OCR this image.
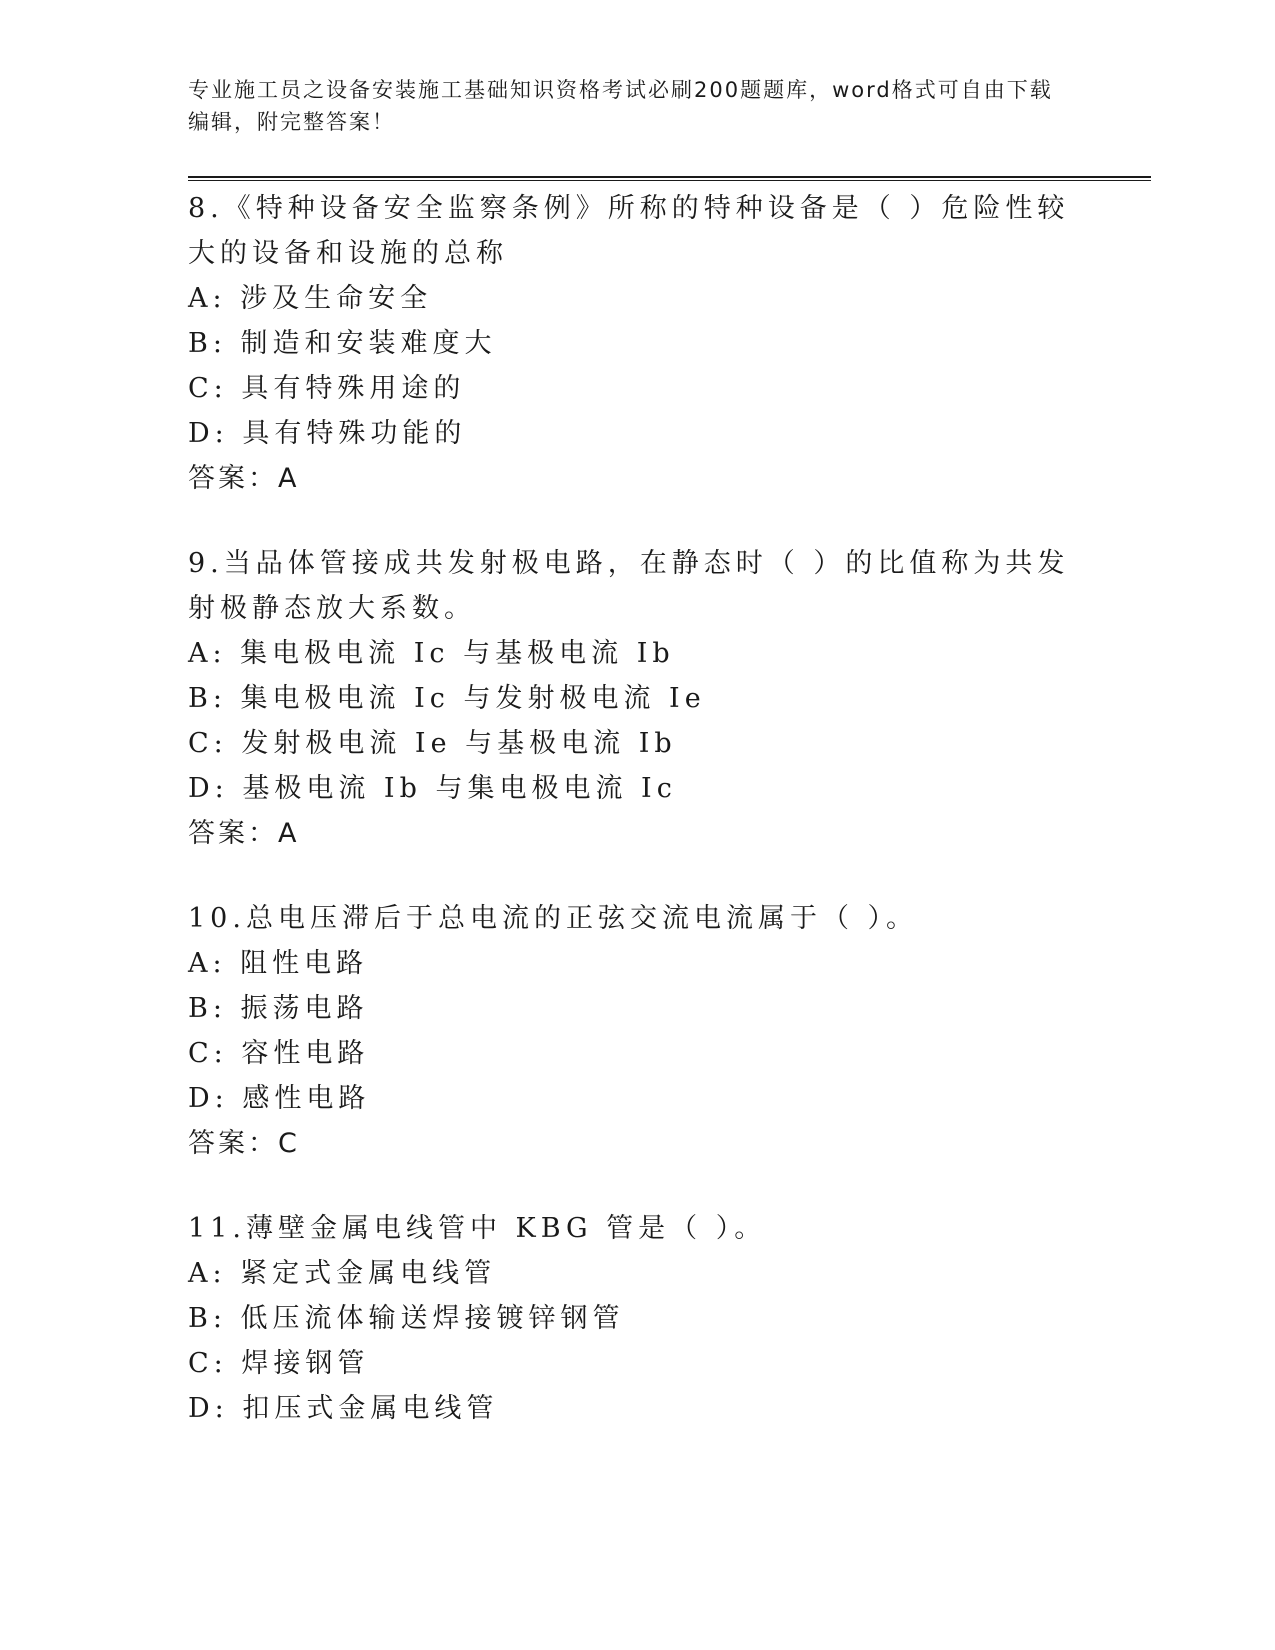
专业施工员之设备安装施工基础知识资格考试必刷200题题库，word格式可自由下载编辑，附完整答案！
8.《特种设备安全监察条例》所称的特种设备是（ ）危险性较大的设备和设施的总称
A: 涉及生命安全
B: 制造和安装难度大
C: 具有特殊用途的
D: 具有特殊功能的
答案：A
9.当品体管接成共发射极电路，在静态时（ ）的比值称为共发射极静态放大系数。
A: 集电极电流 Ic 与基极电流 Ib
B: 集电极电流 Ic 与发射极电流 Ie
C: 发射极电流 Ie 与基极电流 Ib
D: 基极电流 Ib 与集电极电流 Ic
答案：A
10.总电压滞后于总电流的正弦交流电流属于（ ）。
A: 阻性电路
B: 振荡电路
C: 容性电路
D: 感性电路
答案：C
11.薄壁金属电线管中 KBG 管是（ ）。
A: 紧定式金属电线管
B: 低压流体输送焊接镀锌钢管
C: 焊接钢管
D: 扣压式金属电线管
